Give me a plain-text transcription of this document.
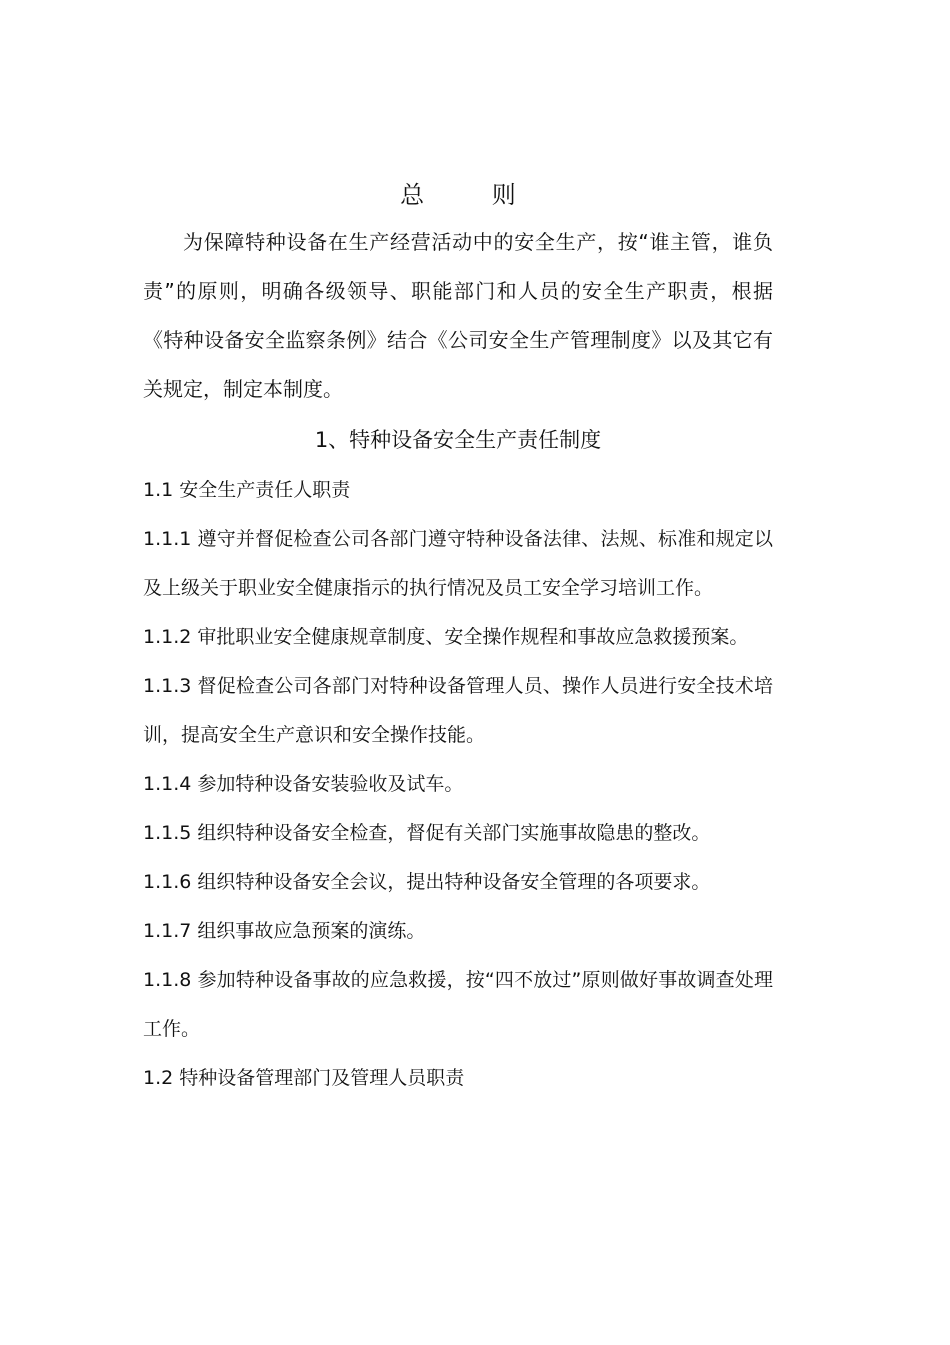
总 则

为保障特种设备在生产经营活动中的安全生产，按“谁主管，谁负责”的原则，明确各级领导、职能部门和人员的安全生产职责，根据《特种设备安全监察条例》结合《公司安全生产管理制度》以及其它有关规定，制定本制度。

1、特种设备安全生产责任制度

1.1 安全生产责任人职责

1.1.1 遵守并督促检查公司各部门遵守特种设备法律、法规、标准和规定以及上级关于职业安全健康指示的执行情况及员工安全学习培训工作。

1.1.2 审批职业安全健康规章制度、安全操作规程和事故应急救援预案。

1.1.3 督促检查公司各部门对特种设备管理人员、操作人员进行安全技术培训，提高安全生产意识和安全操作技能。

1.1.4 参加特种设备安装验收及试车。

1.1.5 组织特种设备安全检查，督促有关部门实施事故隐患的整改。

1.1.6 组织特种设备安全会议，提出特种设备安全管理的各项要求。

1.1.7 组织事故应急预案的演练。

1.1.8 参加特种设备事故的应急救援，按“四不放过”原则做好事故调查处理工作。

1.2 特种设备管理部门及管理人员职责
